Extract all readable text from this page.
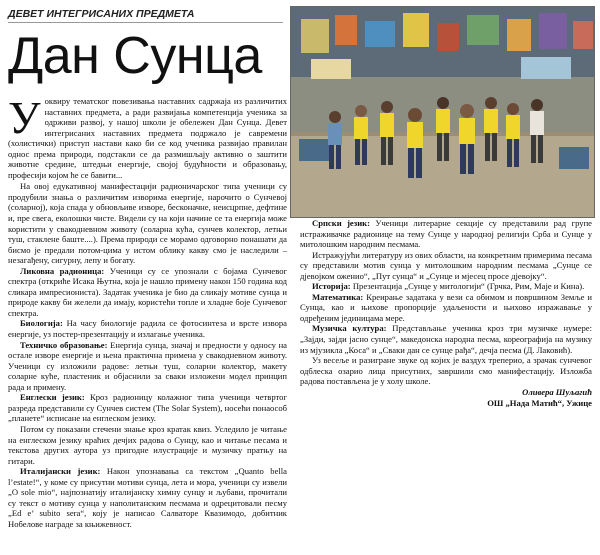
ДЕВЕТ ИНТЕГРИСАНИХ ПРЕДМЕТА
Дан Сунца

Уоквиру тематског повезивања наставних садржаја из различитих наставних предмета, а ради развијања компетенција ученика за одрживи развој, у нашој школи је обележен Дан Сунца. Девет интегрисаних наставних предмета подржало је савремени (холистички) приступ настави како би се код ученика развијао правилан однос према природи, подстакли се да размишљају активно о заштити животне средине, штедњи енергије, својој будућности и образовању, професији којом ће се бавити...

На овој едукативној манифестацији радионичарског типа ученици су продубили знања о различитим изворима енергије, нарочито о Сунчевој (соларној), која спада у обновљиве изворе, бесконачне, неисцрпне, дефтине и, пре свега, еколошки чисте. Видели су на који начине се та енергија може користити у свакодневном животу (соларна кућа, сунчев колектор, летњи туш, стаклене баште....). Према природи се морамо одговорно понашати да бисмо је предали потом-цима у истом облику какву смо је наследили – незагађену, сигурну, лепу и богату.

Ликовна радионица: Ученици су се упознали с бојама Сунчевог спектра (откриће Исака Њутна, која је нашло примену након 150 година код сликара импресиониста). Задатак ученика је био да сликају мотиве сунца и природе какву би желели да имају, користећи топле и хладне боје Сунчевог спектра.

Биологија: На часу биологије радила се фотосинтеза и врсте извора енергије, уз постер-презентацију и излагање ученика.

Техничко образовање: Енергија сунца, значај и предности у односу на остале изворе енергије и њена практична примена у свакодневном животу. Ученици су изложили радове: летњи туш, соларни колектор, макету соларне куће, пластеник и објаснили за сваки изложени модел принцип рада и примену.

Енглески језик: Кроз радионицу колажног типа ученици четвртог разреда представили су Сунчев систем (The Solar System), носећи понаособ „планете“ исписане на енглеском језику.

Потом су показани стечени знање кроз кратак квиз. Уследило је читање на енглеском језику краћих дечјих радова о Сунцу, као и читање песама и текстова других аутора уз пригодне илустрације и музичку пратњу на гитари.

Италијански језик: Након упознавања са текстом „Quanto bella l’estate!“, у коме су присутни мотиви сунца, лета и мора, ученици су извели „O sole mio“, најпознатију италијанску химну сунцу и љубави, прочитали су текст о мотиву сунца у наполитанским песмама и одрецитовали песму „Ed e’ subito sera“, коју је написао Салваторе Квазимодо, добитник Нобелове награде за књижевност.

Српски језик: Ученици литерарне секције су представили рад групе истраживачке радионице на тему Сунце у народној религији Срба и Сунце у митолошким народним песмама.

Истражујући литературу из ових области, на конкретним примерима песама су представили мотив сунца у митолошким народним песмама „Сунце се дјевојком оженио“, „Пут сунца“ и „Сунце и мјесец просе дјевојку“.

Историја: Презентација „Сунце у митологији“ (Грчка, Рим, Маје и Кина).

Математика: Креирање задатака у вези са обимом и површином Земље и Сунца, као и њихове пропорције удаљености и њихово изражавање у одређеним јединицама мере.

Музичка култура: Представљање ученика кроз три музичке нумере: „Зајди, зајди јасно сунце“, македонска народна песма, кореографија на музику из мјузикла „Коса“ и „Сваки дан се сунце рађа“, дечја песма (Д. Лаковић).

Уз весеље и разигране звуке од којих је ваздух треперио, а зрачак сунчевог одблеска озарио лица присутних, завршили смо манифестацију. Изложба радова постављена је у холу школе.

Оливера Шуљагић
ОШ „Нада Матић“, Ужице
